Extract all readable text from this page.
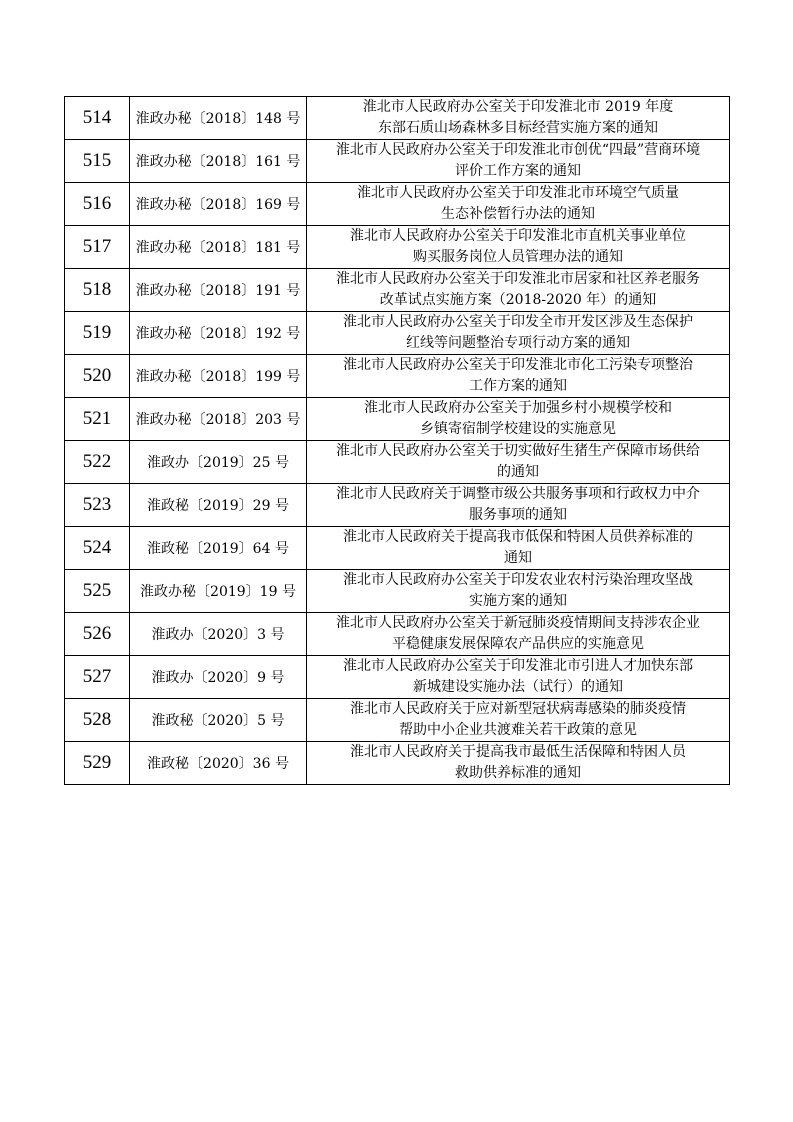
514	淮政办秘〔2018〕148 号	淮北市人民政府办公室关于印发淮北市 2019 年度
东部石质山场森林多目标经营实施方案的通知

515	淮政办秘〔2018〕161 号	淮北市人民政府办公室关于印发淮北市创优“四最”营商环境
评价工作方案的通知

516	淮政办秘〔2018〕169 号	淮北市人民政府办公室关于印发淮北市环境空气质量
生态补偿暂行办法的通知

517	淮政办秘〔2018〕181 号	淮北市人民政府办公室关于印发淮北市直机关事业单位
购买服务岗位人员管理办法的通知

518	淮政办秘〔2018〕191 号	淮北市人民政府办公室关于印发淮北市居家和社区养老服务
改革试点实施方案（2018-2020 年）的通知

519	淮政办秘〔2018〕192 号	淮北市人民政府办公室关于印发全市开发区涉及生态保护
红线等问题整治专项行动方案的通知

520	淮政办秘〔2018〕199 号	淮北市人民政府办公室关于印发淮北市化工污染专项整治
工作方案的通知

521	淮政办秘〔2018〕203 号	淮北市人民政府办公室关于加强乡村小规模学校和
乡镇寄宿制学校建设的实施意见

522	淮政办〔2019〕25 号	淮北市人民政府办公室关于切实做好生猪生产保障市场供给
的通知

523	淮政秘〔2019〕29 号	淮北市人民政府关于调整市级公共服务事项和行政权力中介
服务事项的通知

524	淮政秘〔2019〕64 号	淮北市人民政府关于提高我市低保和特困人员供养标准的
通知

525	淮政办秘〔2019〕19 号	淮北市人民政府办公室关于印发农业农村污染治理攻坚战
实施方案的通知

526	淮政办〔2020〕3 号	淮北市人民政府办公室关于新冠肺炎疫情期间支持涉农企业
平稳健康发展保障农产品供应的实施意见

527	淮政办〔2020〕9 号	淮北市人民政府办公室关于印发淮北市引进人才加快东部
新城建设实施办法（试行）的通知

528	淮政秘〔2020〕5 号	淮北市人民政府关于应对新型冠状病毒感染的肺炎疫情
帮助中小企业共渡难关若干政策的意见

529	淮政秘〔2020〕36 号	淮北市人民政府关于提高我市最低生活保障和特困人员
救助供养标准的通知
